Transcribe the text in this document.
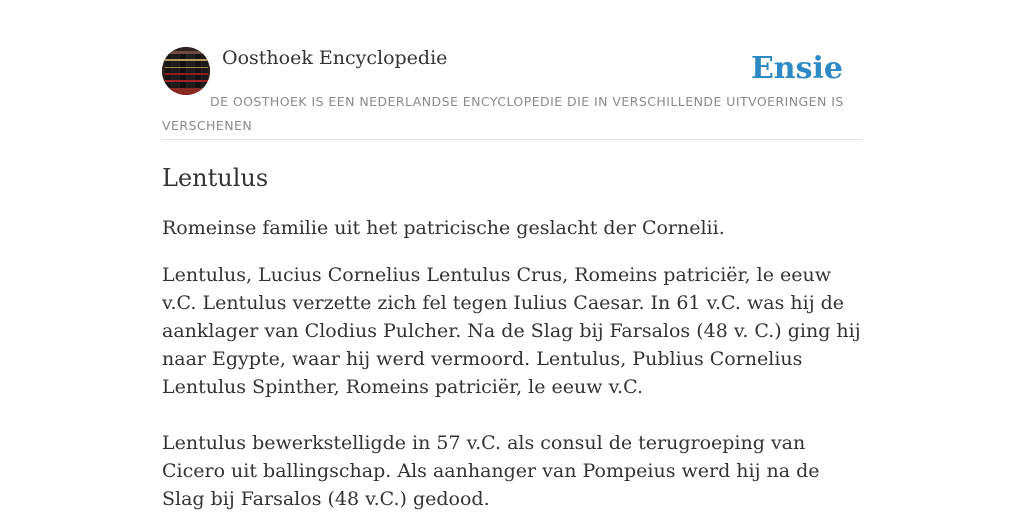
Oosthoek Encyclopedie	Ensie
DE OOSTHOEK IS EEN NEDERLANDSE ENCYCLOPEDIE DIE IN VERSCHILLENDE UITVOERINGEN IS VERSCHENEN
Lentulus

Romeinse familie uit het patricische geslacht der Cornelii.

Lentulus, Lucius Cornelius Lentulus Crus, Romeins patriciër, le eeuw v.C. Lentulus verzette zich fel tegen Iulius Caesar. In 61 v.C. was hij de aanklager van Clodius Pulcher. Na de Slag bij Farsalos (48 v. C.) ging hij naar Egypte, waar hij werd vermoord. Lentulus, Publius Cornelius Lentulus Spinther, Romeins patriciër, le eeuw v.C.

Lentulus bewerkstelligde in 57 v.C. als consul de terugroeping van Cicero uit ballingschap. Als aanhanger van Pompeius werd hij na de Slag bij Farsalos (48 v.C.) gedood.
